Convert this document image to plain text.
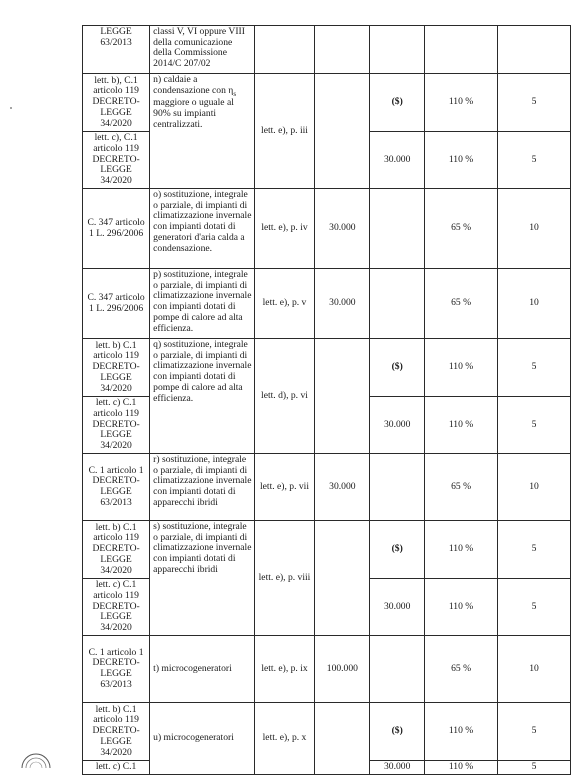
LEGGE 63/2013	classi V, VI oppure VIII della comunicazione della Commissione 2014/C 207/02					
lett. b), C.1 articolo 119 DECRETO-LEGGE 34/2020	n) caldaie a condensazione con $\eta_s$ maggiore o uguale al 90% su impianti centralizzati.	lett. e), p. iii		($)	110 %	5
lett. c), C.1 articolo 119 DECRETO-LEGGE 34/2020				30.000	110 %	5
C. 347 articolo 1 L. 296/2006	o) sostituzione, integrale o parziale, di impianti di climatizzazione invernale con impianti dotati di generatori d'aria calda a condensazione.	lett. e), p. iv	30.000		65 %	10
C. 347 articolo 1 L. 296/2006	p) sostituzione, integrale o parziale, di impianti di climatizzazione invernale con impianti dotati di pompe di calore ad alta efficienza.	lett. e), p. v	30.000		65 %	10
lett. b) C.1 articolo 119 DECRETO-LEGGE 34/2020	q) sostituzione, integrale o parziale, di impianti di climatizzazione invernale con impianti dotati di pompe di calore ad alta efficienza.	lett. d), p. vi		($)	110 %	5
lett. c) C.1 articolo 119 DECRETO-LEGGE 34/2020				30.000	110 %	5
C. 1 articolo 1 DECRETO-LEGGE 63/2013	r) sostituzione, integrale o parziale, di impianti di climatizzazione invernale con impianti dotati di apparecchi ibridi	lett. e), p. vii	30.000		65 %	10
lett. b) C.1 articolo 119 DECRETO-LEGGE 34/2020	s) sostituzione, integrale o parziale, di impianti di climatizzazione invernale con impianti dotati di apparecchi ibridi	lett. e), p. viii		($)	110 %	5
lett. c) C.1 articolo 119 DECRETO-LEGGE 34/2020				30.000	110 %	5
C. 1 articolo 1 DECRETO-LEGGE 63/2013	t) microcogeneratori	lett. e), p. ix	100.000		65 %	10
lett. b) C.1 articolo 119 DECRETO-LEGGE 34/2020	u) microcogeneratori	lett. e), p. x		($)	110 %	5
lett. c) C.1				30.000	110 %	5
